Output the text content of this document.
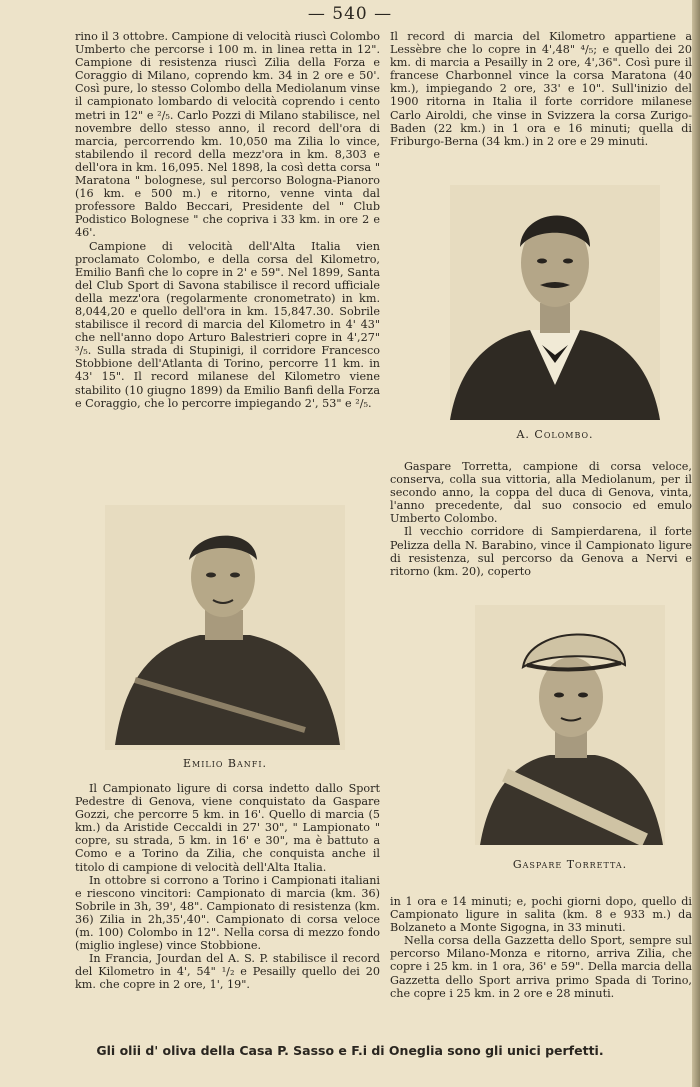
— 540 —

rino il 3 ottobre. Campione di velocità riuscì Colombo Umberto che percorse i 100 m. in linea retta in 12". Campione di resistenza riuscì Zilia della Forza e Coraggio di Milano, coprendo km. 34 in 2 ore e 50'. Così pure, lo stesso Colombo della Mediolanum vinse il campionato lombardo di velocità coprendo i cento metri in 12" e ²/₅. Carlo Pozzi di Milano stabilisce, nel novembre dello stesso anno, il record dell'ora di marcia, percorrendo km. 10,050 ma Zilia lo vince, stabilendo il record della mezz'ora in km. 8,303 e dell'ora in km. 16,095. Nel 1898, la così detta corsa " Maratona " bolognese, sul percorso Bologna-Pianoro (16 km. e 500 m.) e ritorno, venne vinta dal professore Baldo Beccari, Presidente del " Club Podistico Bolognese " che copriva i 33 km. in ore 2 e 46'.

Campione di velocità dell'Alta Italia vien proclamato Colombo, e della corsa del Kilometro, Emilio Banfi che lo copre in 2' e 59". Nel 1899, Santa del Club Sport di Savona stabilisce il record ufficiale della mezz'ora (regolarmente cronometrato) in km. 8,044,20 e quello dell'ora in km. 15,847.30. Sobrile stabilisce il record di marcia del Kilometro in 4' 43" che nell'anno dopo Arturo Balestrieri copre in 4',27" ³/₅. Sulla strada di Stupinigi, il corridore Francesco Stobbione dell'Atlanta di Torino, percorre 11 km. in 43' 15". Il record milanese del Kilometro viene stabilito (10 giugno 1899) da Emilio Banfi della Forza e Coraggio, che lo percorre impiegando 2', 53" e ²/₅.

Emilio Banfi.

Il Campionato ligure di corsa indetto dallo Sport Pedestre di Genova, viene conquistato da Gaspare Gozzi, che percorre 5 km. in 16'. Quello di marcia (5 km.) da Aristide Ceccaldi in 27' 30", " Lampionato " copre, su strada, 5 km. in 16' e 30", ma è battuto a Como e a Torino da Zilia, che conquista anche il titolo di campione di velocità dell'Alta Italia.

In ottobre si corrono a Torino i Campionati italiani e riescono vincitori: Campionato di marcia (km. 36) Sobrile in 3h, 39', 48". Campionato di resistenza (km. 36) Zilia in 2h,35',40". Campionato di corsa veloce (m. 100) Colombo in 12". Nella corsa di mezzo fondo (miglio inglese) vince Stobbione.

In Francia, Jourdan del A. S. P. stabilisce il record del Kilometro in 4', 54" ¹/₂ e Pesailly quello dei 20 km. che copre in 2 ore, 1', 19".

Il record di marcia del Kilometro appartiene a Lessèbre che lo copre in 4',48" ⁴/₅; e quello dei 20 km. di marcia a Pesailly in 2 ore, 4',36". Così pure il francese Charbonnel vince la corsa Maratona (40 km.), impiegando 2 ore, 33' e 10". Sull'inizio del 1900 ritorna in Italia il forte corridore milanese Carlo Airoldi, che vinse in Svizzera la corsa Zurigo-Baden (22 km.) in 1 ora e 16 minuti; quella di Friburgo-Berna (34 km.) in 2 ore e 29 minuti.

A. Colombo.

Gaspare Torretta, campione di corsa veloce, conserva, colla sua vittoria, alla Mediolanum, per il secondo anno, la coppa del duca di Genova, vinta, l'anno precedente, dal suo consocio ed emulo Umberto Colombo.

Il vecchio corridore di Sampierdarena, il forte Pelizza della N. Barabino, vince il Campionato ligure di resistenza, sul percorso da Genova a Nervi e ritorno (km. 20), coperto

Gaspare Torretta.

in 1 ora e 14 minuti; e, pochi giorni dopo, quello di Campionato ligure in salita (km. 8 e 933 m.) da Bolzaneto a Monte Sigogna, in 33 minuti.

Nella corsa della Gazzetta dello Sport, sempre sul percorso Milano-Monza e ritorno, arriva Zilia, che copre i 25 km. in 1 ora, 36' e 59". Della marcia della Gazzetta dello Sport arriva primo Spada di Torino, che copre i 25 km. in 2 ore e 28 minuti.

Gli olii d' oliva della Casa P. Sasso e F.i di Oneglia sono gli unici perfetti.
